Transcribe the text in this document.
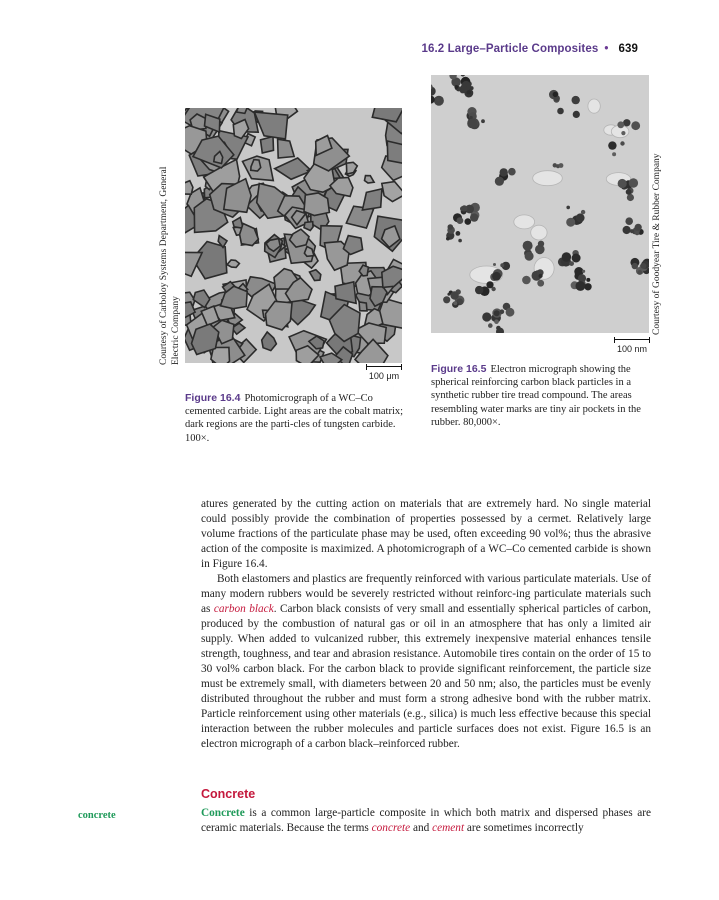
16.2 Large–Particle Composites • 639
Courtesy of Carboloy Systems Department, General Electric Company
100 μm
Figure 16.4 Photomicrograph of a WC–Co cemented carbide. Light areas are the cobalt matrix; dark regions are the parti-cles of tungsten carbide. 100×.
Courtesy of Goodyear Tire & Rubber Company
100 nm
Figure 16.5 Electron micrograph showing the spherical reinforcing carbon black particles in a synthetic rubber tire tread compound. The areas resembling water marks are tiny air pockets in the rubber. 80,000×.

atures generated by the cutting action on materials that are extremely hard. No single material could possibly provide the combination of properties possessed by a cermet. Relatively large volume fractions of the particulate phase may be used, often exceeding 90 vol%; thus the abrasive action of the composite is maximized. A photomicrograph of a WC–Co cemented carbide is shown in Figure 16.4.

Both elastomers and plastics are frequently reinforced with various particulate materials. Use of many modern rubbers would be severely restricted without reinforc-ing particulate materials such as carbon black. Carbon black consists of very small and essentially spherical particles of carbon, produced by the combustion of natural gas or oil in an atmosphere that has only a limited air supply. When added to vulcanized rubber, this extremely inexpensive material enhances tensile strength, toughness, and tear and abrasion resistance. Automobile tires contain on the order of 15 to 30 vol% carbon black. For the carbon black to provide significant reinforcement, the particle size must be extremely small, with diameters between 20 and 50 nm; also, the particles must be evenly distributed throughout the rubber and must form a strong adhesive bond with the rubber matrix. Particle reinforcement using other materials (e.g., silica) is much less effective because this special interaction between the rubber molecules and particle surfaces does not exist. Figure 16.5 is an electron micrograph of a carbon black–reinforced rubber.

Concrete
concrete	Concrete is a common large-particle composite in which both matrix and dispersed phases are ceramic materials. Because the terms concrete and cement are sometimes incorrectly
